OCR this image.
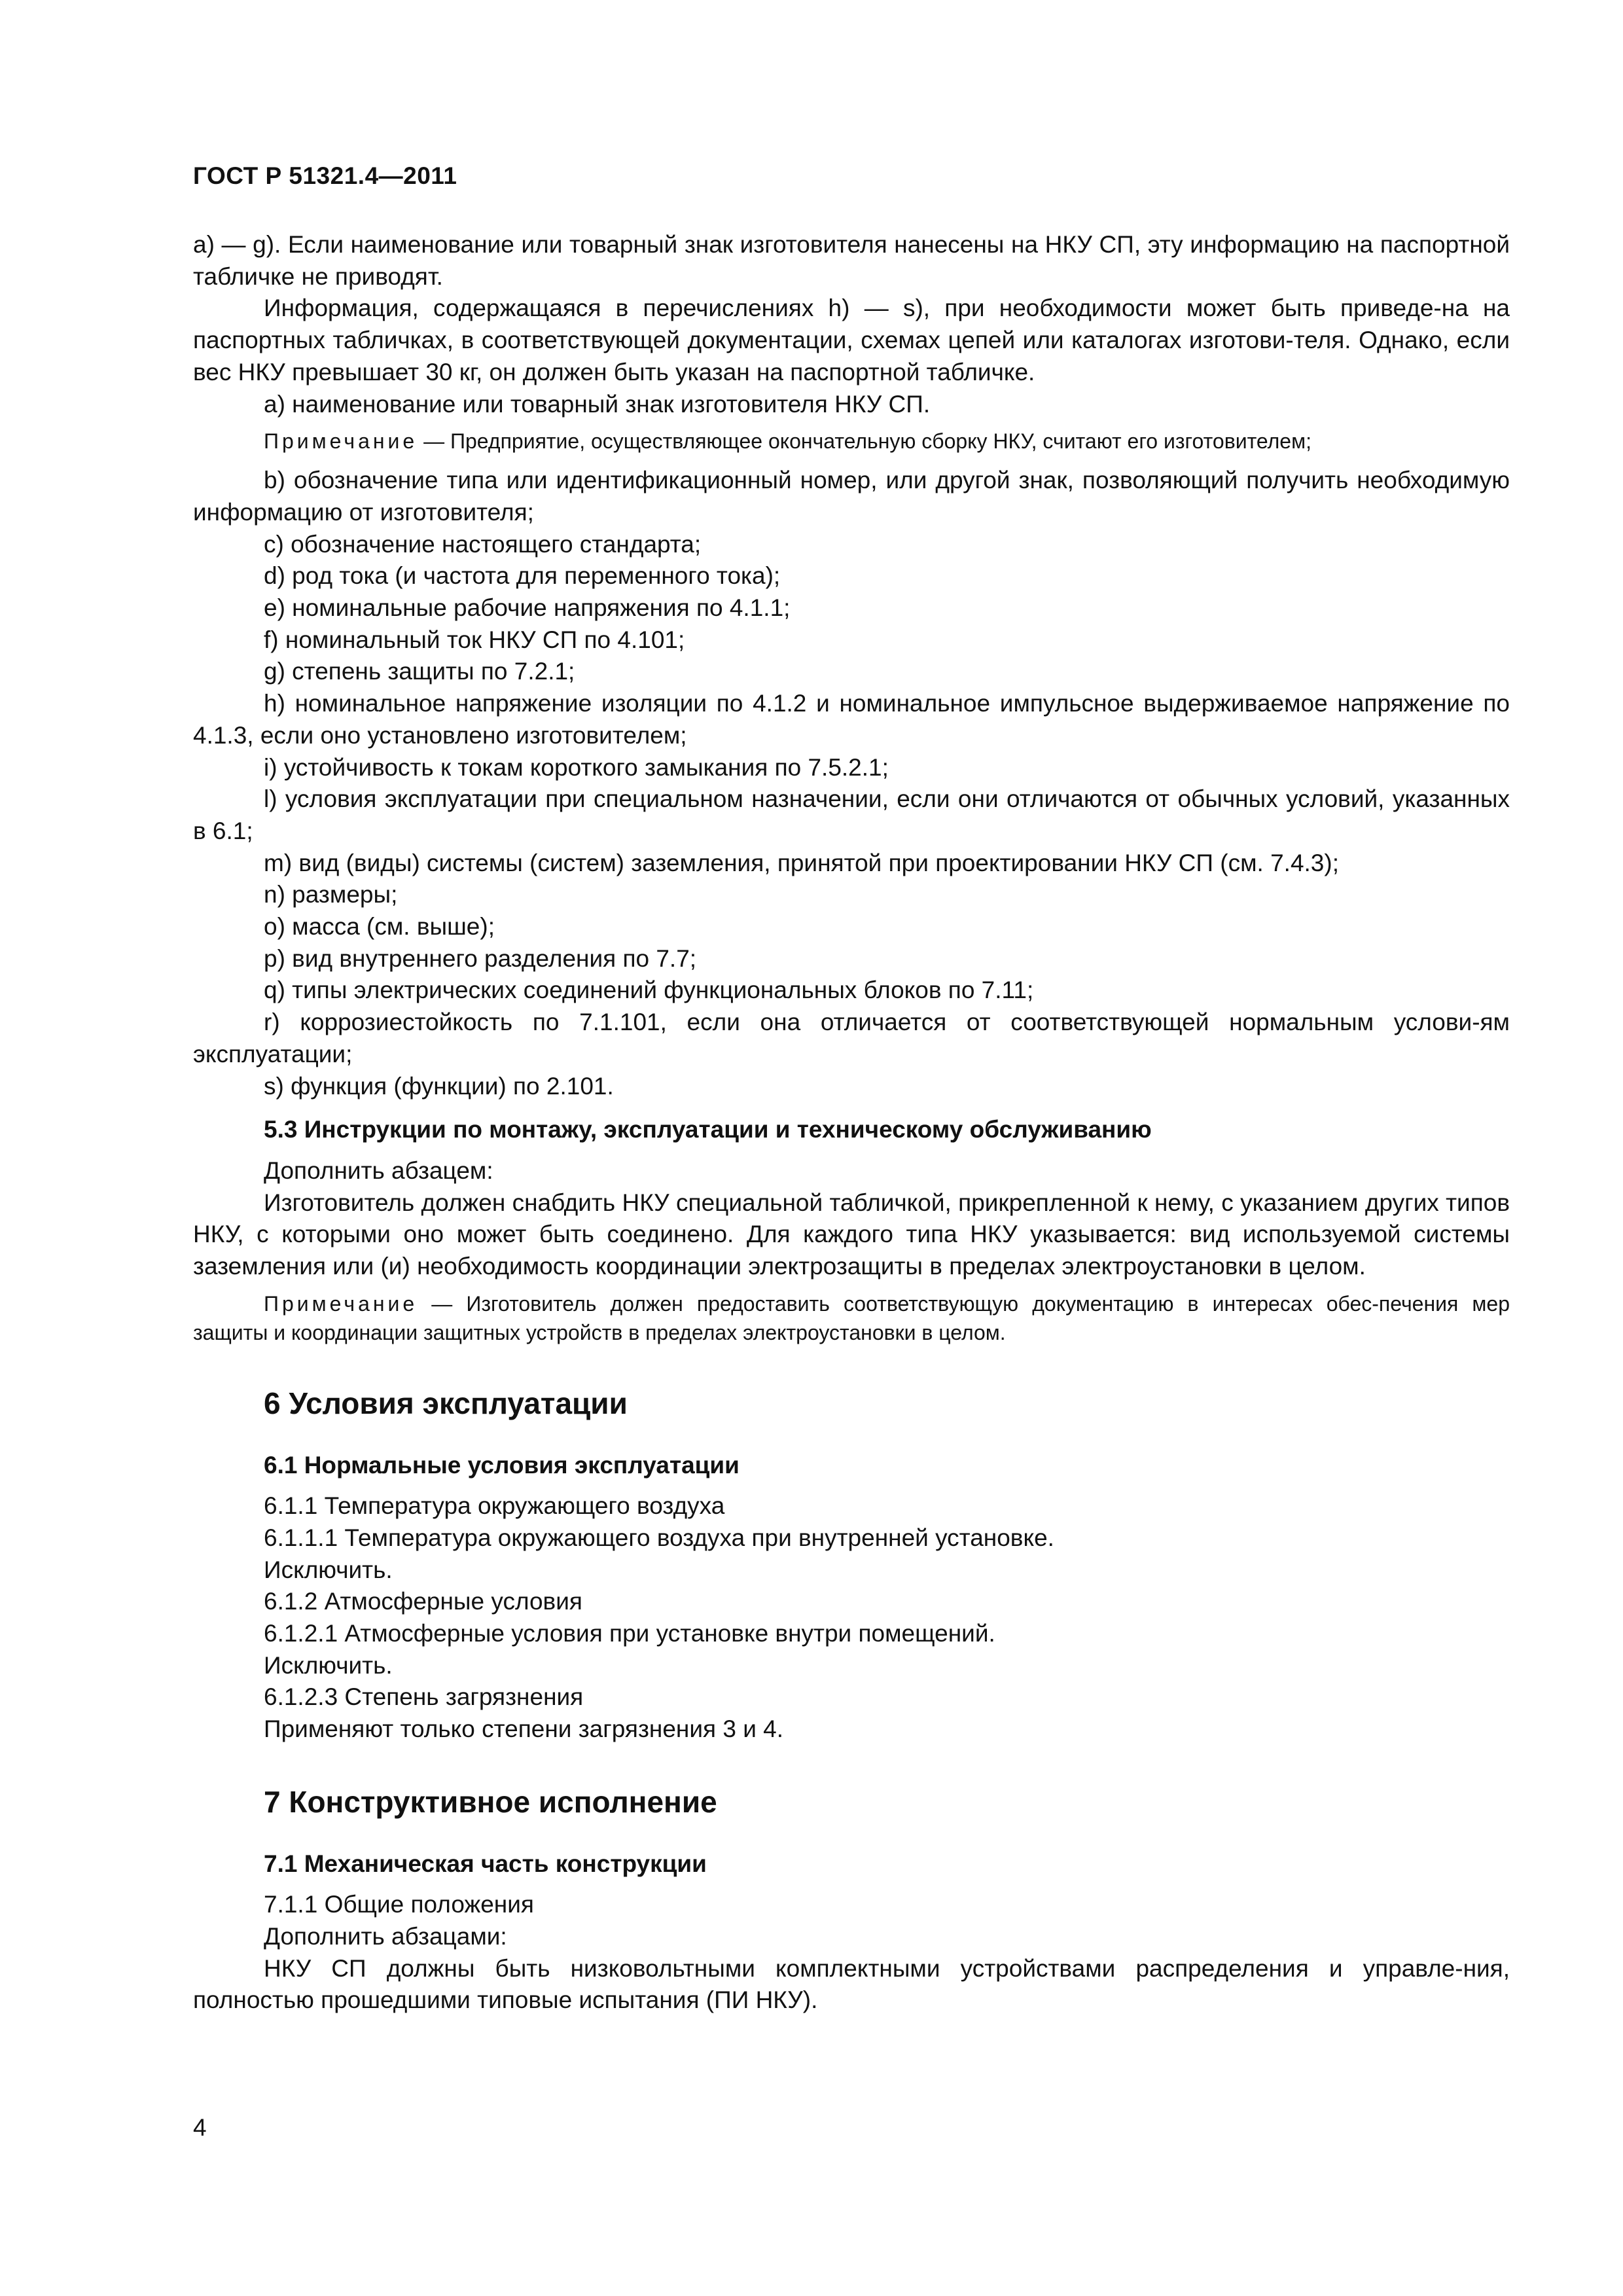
ГОСТ Р 51321.4—2011

a) — g). Если наименование или товарный знак изготовителя нанесены на НКУ СП, эту информацию на паспортной табличке не приводят.

Информация, содержащаяся в перечислениях h) — s), при необходимости может быть приведе-на на паспортных табличках, в соответствующей документации, схемах цепей или каталогах изготови-теля. Однако, если вес НКУ превышает 30 кг, он должен быть указан на паспортной табличке.

a) наименование или товарный знак изготовителя НКУ СП.

Примечание — Предприятие, осуществляющее окончательную сборку НКУ, считают его изготовителем;

b) обозначение типа или идентификационный номер, или другой знак, позволяющий получить необходимую информацию от изготовителя;

c) обозначение настоящего стандарта;

d) род тока (и частота для переменного тока);

e) номинальные рабочие напряжения по 4.1.1;

f) номинальный ток НКУ СП по 4.101;

g) степень защиты по 7.2.1;

h) номинальное напряжение изоляции по 4.1.2 и номинальное импульсное выдерживаемое напряжение по 4.1.3, если оно установлено изготовителем;

i) устойчивость к токам короткого замыкания по 7.5.2.1;

l) условия эксплуатации при специальном назначении, если они отличаются от обычных условий, указанных в 6.1;

m) вид (виды) системы (систем) заземления, принятой при проектировании НКУ СП (см. 7.4.3);

n) размеры;

o) масса (см. выше);

p) вид внутреннего разделения по 7.7;

q) типы электрических соединений функциональных блоков по 7.11;

r) коррозиестойкость по 7.1.101, если она отличается от соответствующей нормальным услови-ям эксплуатации;

s) функция (функции) по 2.101.

5.3 Инструкции по монтажу, эксплуатации и техническому обслуживанию

Дополнить абзацем:

Изготовитель должен снабдить НКУ специальной табличкой, прикрепленной к нему, с указанием других типов НКУ, с которыми оно может быть соединено. Для каждого типа НКУ указывается: вид используемой системы заземления или (и) необходимость координации электрозащиты в пределах электроустановки в целом.

Примечание — Изготовитель должен предоставить соответствующую документацию в интересах обес-печения мер защиты и координации защитных устройств в пределах электроустановки в целом.

6 Условия эксплуатации

6.1 Нормальные условия эксплуатации

6.1.1 Температура окружающего воздуха

6.1.1.1 Температура окружающего воздуха при внутренней установке.

Исключить.

6.1.2 Атмосферные условия

6.1.2.1 Атмосферные условия при установке внутри помещений.

Исключить.

6.1.2.3 Степень загрязнения

Применяют только степени загрязнения 3 и 4.

7 Конструктивное исполнение

7.1 Механическая часть конструкции

7.1.1 Общие положения

Дополнить абзацами:

НКУ СП должны быть низковольтными комплектными устройствами распределения и управле-ния, полностью прошедшими типовые испытания (ПИ НКУ).

4
